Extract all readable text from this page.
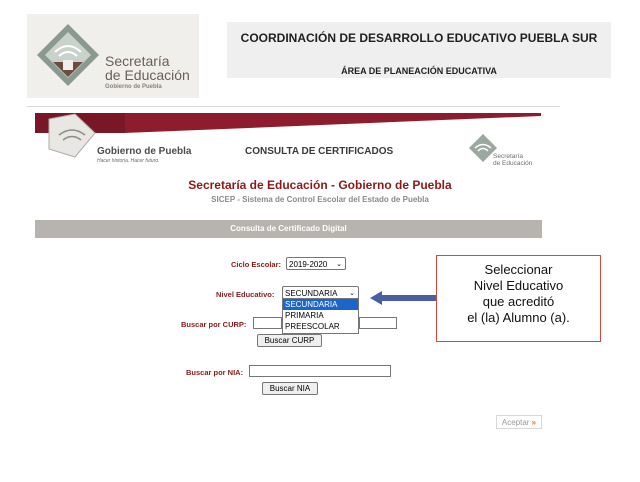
Secretaría
de Educación
Gobierno de Puebla
COORDINACIÓN DE DESARROLLO EDUCATIVO PUEBLA SUR
ÁREA DE PLANEACIÓN EDUCATIVA
Gobierno de Puebla
Hacer historia. Hacer futuro.
CONSULTA DE CERTIFICADOS	Secretaría
de Educación
Secretaría de Educación - Gobierno de Puebla
SICEP - Sistema de Control Escolar del Estado de Puebla
Consulta de Certificado Digital
Ciclo Escolar: 2019-2020 ⌄
Nivel Educativo:	SECUNDARIA ⌄
SECUNDARIA
PRIMARIA
PREESCOLAR
Buscar por CURP:
Buscar CURP
Buscar por NIA:
Buscar NIA
Aceptar »
Seleccionar
Nivel Educativo
que acreditó
el (la) Alumno (a).
